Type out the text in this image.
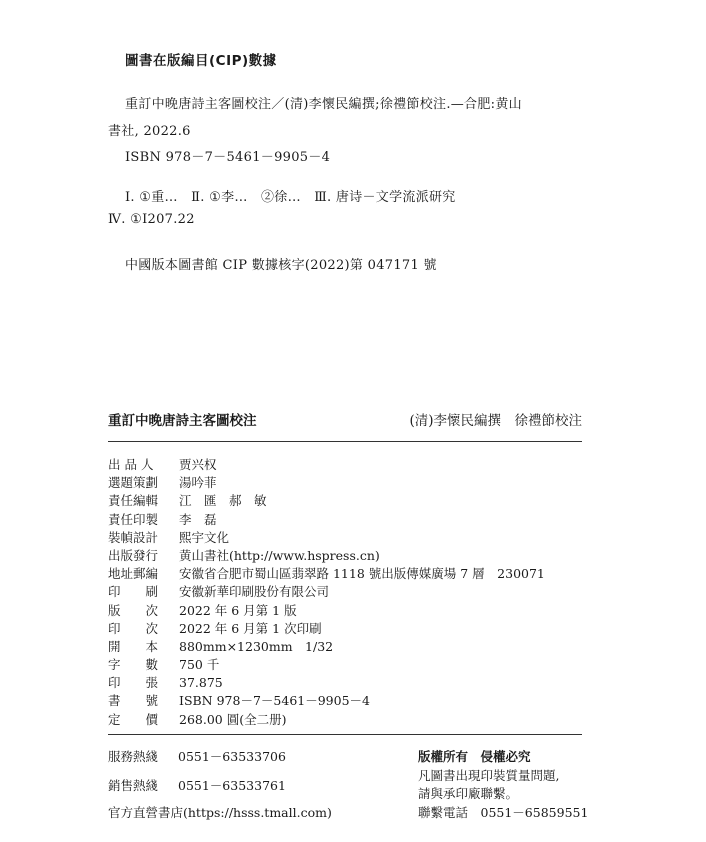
圖書在版編目(CIP)數據
重訂中晚唐詩主客圖校注／(清)李懷民編撰;徐禮節校注.—合肥:黄山
書社, 2022.6
ISBN 978－7－5461－9905－4
Ⅰ. ①重…　Ⅱ. ①李…　②徐…　Ⅲ. 唐诗－文学流派研究
Ⅳ. ①I207.22
中國版本圖書館 CIP 數據核字(2022)第 047171 號
重訂中晚唐詩主客圖校注	(清)李懷民編撰　徐禮節校注
出 品 人	贾兴权
選題策劃	湯吟菲
責任編輯	江　匯　郝　敏
責任印製	李　磊
裝幀設計	熙宇文化
出版發行	黄山書社(http://www.hspress.cn)
地址郵編	安徽省合肥市蜀山區翡翠路 1118 號出版傳媒廣場 7 層　230071
印　　刷	安徽新華印刷股份有限公司
版　　次	2022 年 6 月第 1 版
印　　次	2022 年 6 月第 1 次印刷
開　　本	880mm×1230mm　1/32
字　　數	750 千
印　　張	37.875
書　　號	ISBN 978－7－5461－9905－4
定　　價	268.00 圓(全二册)
服務熱綫 0551－63533706
銷售熱綫 0551－63533761
官方直營書店(https://hsss.tmall.com)
版權所有　侵權必究
凡圖書出現印裝質量問題,
請與承印廠聯繫。
聯繫電話　0551－65859551
